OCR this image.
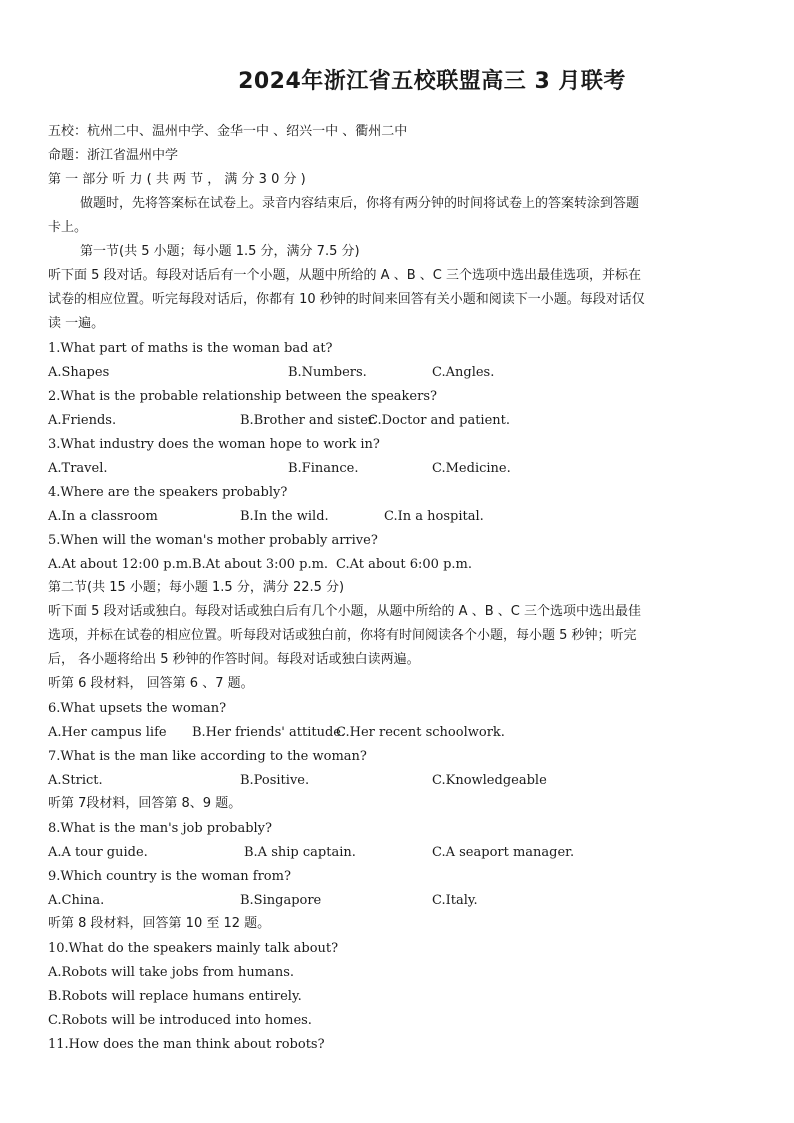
2024年浙江省五校联盟高三 3 月联考
五校：杭州二中、温州中学、金华一中 、绍兴一中 、衢州二中
命题：浙江省温州中学
第 一 部分 听 力 ( 共 两 节 ， 满 分 3 0 分 )
做题时，先将答案标在试卷上。录音内容结束后，你将有两分钟的时间将试卷上的答案转涂到答题
卡上。
第一节(共 5 小题；每小题 1.5 分，满分 7.5 分)
听下面 5 段对话。每段对话后有一个小题，从题中所给的 A 、B 、C 三个选项中选出最佳选项，并标在
试卷的相应位置。听完每段对话后，你都有 10 秒钟的时间来回答有关小题和阅读下一小题。每段对话仅
读 一遍。
1.What part of maths is the woman bad at?
A.Shapes	B.Numbers.	C.Angles.
2.What is the probable relationship between the speakers?
A.Friends.	B.Brother and sister.
C.Doctor and patient.
3.What industry does the woman hope to work in?
A.Travel.	B.Finance.	C.Medicine.
4.Where are the speakers probably?
A.In a classroom	B.In the wild.	C.In a hospital.
5.When will the woman's mother probably arrive?
A.At about 12:00 p.m. B.At about 3:00 p.m. C.At about 6:00 p.m.
第二节(共 15 小题；每小题 1.5 分，满分 22.5 分)
听下面 5 段对话或独白。每段对话或独白后有几个小题，从题中所给的 A 、B 、C 三个选项中选出最佳
选项，并标在试卷的相应位置。听每段对话或独白前，你将有时间阅读各个小题，每小题 5 秒钟；听完
后， 各小题将给出 5 秒钟的作答时间。每段对话或独白读两遍。
听第 6 段材料， 回答第 6 、7 题。
6.What upsets the woman?
A.Her campus life B.Her friends' attitude.
C.Her recent schoolwork.
7.What is the man like according to the woman?
A.Strict.	B.Positive.	C.Knowledgeable
听第 7段材料，回答第 8、9 题。
8.What is the man's job probably?
A.A tour guide.	B.A ship captain.	C.A seaport manager.
9.Which country is the woman from?
A.China.	B.Singapore	C.Italy.
听第 8 段材料，回答第 10 至 12 题。
10.What do the speakers mainly talk about?
A.Robots will take jobs from humans.
B.Robots will replace humans entirely.
C.Robots will be introduced into homes.
11.How does the man think about robots?
